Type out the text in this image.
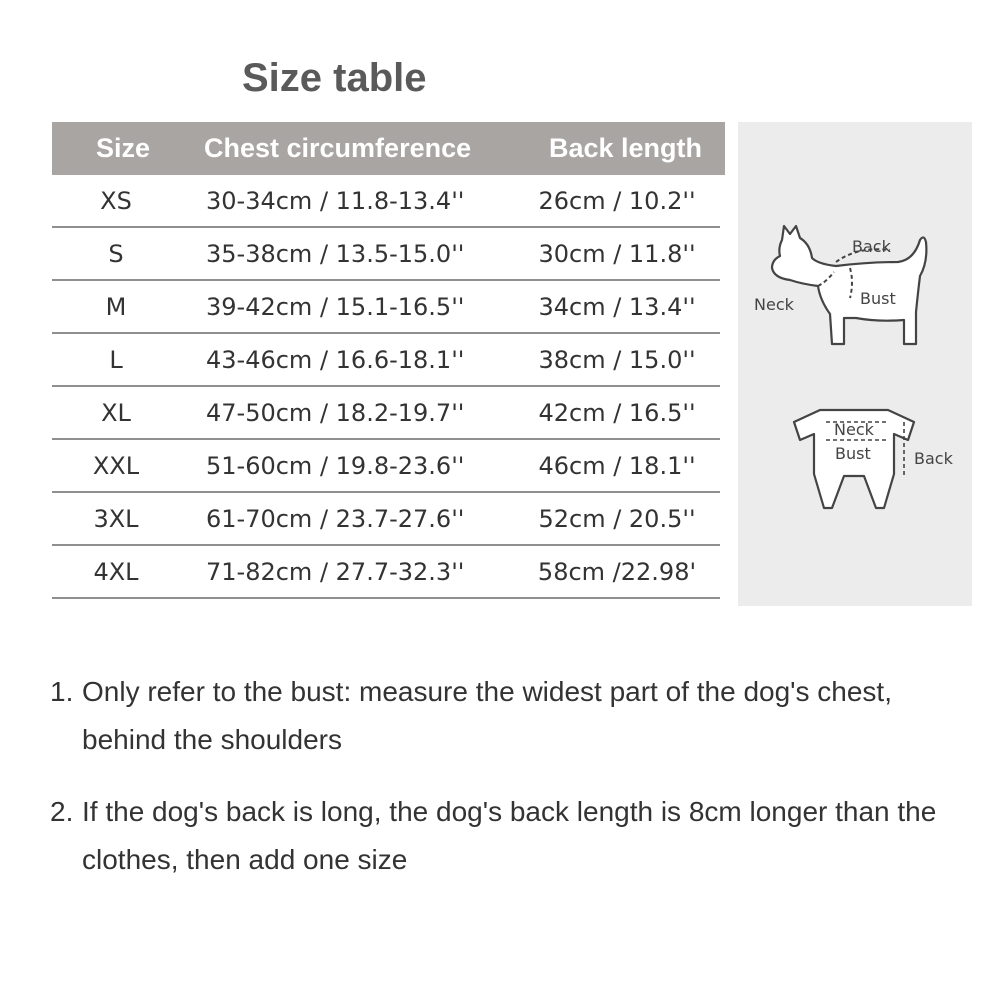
Size table
Size	Chest circumference	Back length
XS	30-34cm / 11.8-13.4''	26cm / 10.2''
S	35-38cm / 13.5-15.0''	30cm / 11.8''
M	39-42cm / 15.1-16.5''	34cm / 13.4''
L	43-46cm / 16.6-18.1''	38cm / 15.0''
XL	47-50cm / 18.2-19.7''	42cm / 16.5''
XXL	51-60cm / 19.8-23.6''	46cm / 18.1''
3XL	61-70cm / 23.7-27.6''	52cm / 20.5''
4XL	71-82cm / 27.7-32.3''	58cm /22.98'
Back
Neck	Bust
Neck
Bust	Back

1. Only refer to the bust: measure the widest part of the dog's chest, behind the shoulders

2. If the dog's back is long, the dog's back length is 8cm longer than the clothes, then add one size
